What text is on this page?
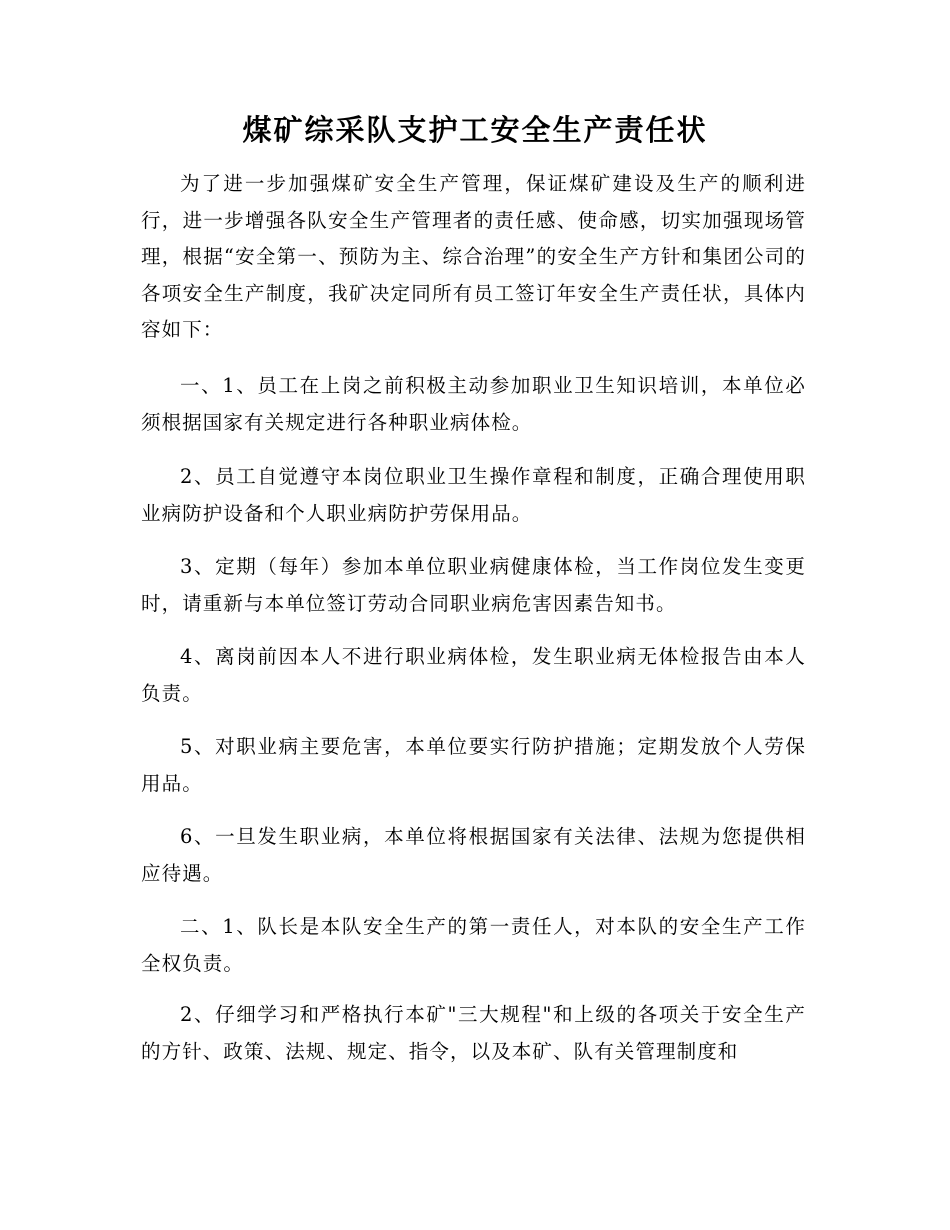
煤矿综采队支护工安全生产责任状

为了进一步加强煤矿安全生产管理，保证煤矿建设及生产的顺利进行，进一步增强各队安全生产管理者的责任感、使命感，切实加强现场管理，根据“安全第一、预防为主、综合治理”的安全生产方针和集团公司的各项安全生产制度，我矿决定同所有员工签订年安全生产责任状，具体内容如下：

一、1、员工在上岗之前积极主动参加职业卫生知识培训，本单位必须根据国家有关规定进行各种职业病体检。

2、员工自觉遵守本岗位职业卫生操作章程和制度，正确合理使用职业病防护设备和个人职业病防护劳保用品。

3、定期（每年）参加本单位职业病健康体检，当工作岗位发生变更时，请重新与本单位签订劳动合同职业病危害因素告知书。

4、离岗前因本人不进行职业病体检，发生职业病无体检报告由本人负责。

5、对职业病主要危害，本单位要实行防护措施；定期发放个人劳保用品。

6、一旦发生职业病，本单位将根据国家有关法律、法规为您提供相应待遇。

二、1、队长是本队安全生产的第一责任人，对本队的安全生产工作全权负责。

2、仔细学习和严格执行本矿"三大规程"和上级的各项关于安全生产的方针、政策、法规、规定、指令，以及本矿、队有关管理制度和
